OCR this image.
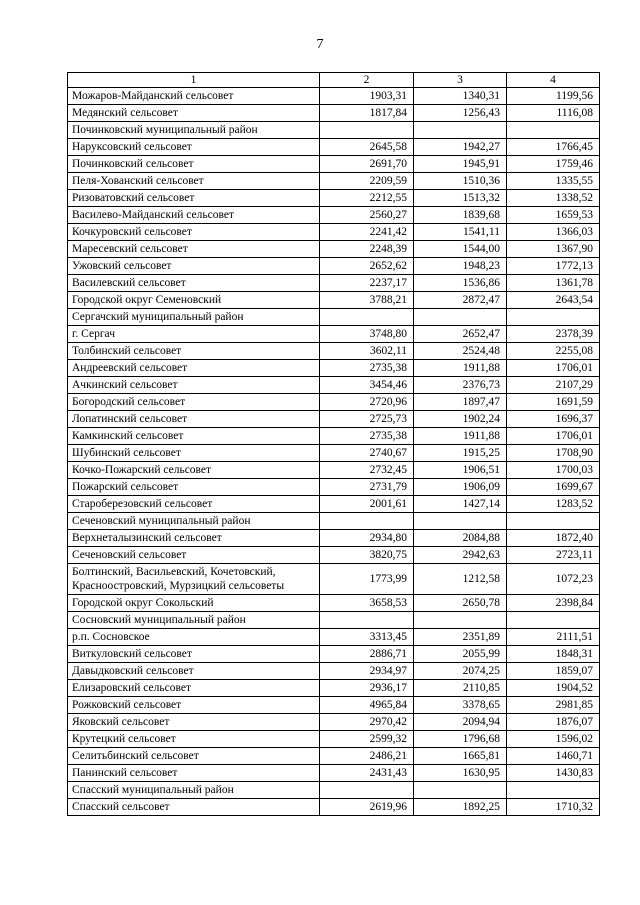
7
1	2	3	4
Можаров-Майданский сельсовет	1903,31	1340,31	1199,56
Медянский сельсовет	1817,84	1256,43	1116,08
Починковский муниципальный район			
Наруксовский сельсовет	2645,58	1942,27	1766,45
Починковский сельсовет	2691,70	1945,91	1759,46
Пеля-Хованский сельсовет	2209,59	1510,36	1335,55
Ризоватовский сельсовет	2212,55	1513,32	1338,52
Василево-Майданский сельсовет	2560,27	1839,68	1659,53
Кочкуровский сельсовет	2241,42	1541,11	1366,03
Маресевский сельсовет	2248,39	1544,00	1367,90
Ужовский сельсовет	2652,62	1948,23	1772,13
Василевский сельсовет	2237,17	1536,86	1361,78
Городской округ Семеновский	3788,21	2872,47	2643,54
Сергачский муниципальный район			
г. Сергач	3748,80	2652,47	2378,39
Толбинский сельсовет	3602,11	2524,48	2255,08
Андреевский сельсовет	2735,38	1911,88	1706,01
Ачкинский сельсовет	3454,46	2376,73	2107,29
Богородский сельсовет	2720,96	1897,47	1691,59
Лопатинский сельсовет	2725,73	1902,24	1696,37
Камкинский сельсовет	2735,38	1911,88	1706,01
Шубинский сельсовет	2740,67	1915,25	1708,90
Кочко-Пожарский сельсовет	2732,45	1906,51	1700,03
Пожарский сельсовет	2731,79	1906,09	1699,67
Староберезовский сельсовет	2001,61	1427,14	1283,52
Сеченовский муниципальный район			
Верхнеталызинский сельсовет	2934,80	2084,88	1872,40
Сеченовский сельсовет	3820,75	2942,63	2723,11
Болтинский, Васильевский, Кочетовский, Красноостровский, Мурзицкий сельсоветы	1773,99	1212,58	1072,23
Городской округ Сокольский	3658,53	2650,78	2398,84
Сосновский муниципальный район			
р.п. Сосновское	3313,45	2351,89	2111,51
Виткуловский сельсовет	2886,71	2055,99	1848,31
Давыдковский сельсовет	2934,97	2074,25	1859,07
Елизаровский сельсовет	2936,17	2110,85	1904,52
Рожковский сельсовет	4965,84	3378,65	2981,85
Яковский сельсовет	2970,42	2094,94	1876,07
Крутецкий сельсовет	2599,32	1796,68	1596,02
Селитьбинский сельсовет	2486,21	1665,81	1460,71
Панинский сельсовет	2431,43	1630,95	1430,83
Спасский муниципальный район			
Спасский сельсовет	2619,96	1892,25	1710,32
